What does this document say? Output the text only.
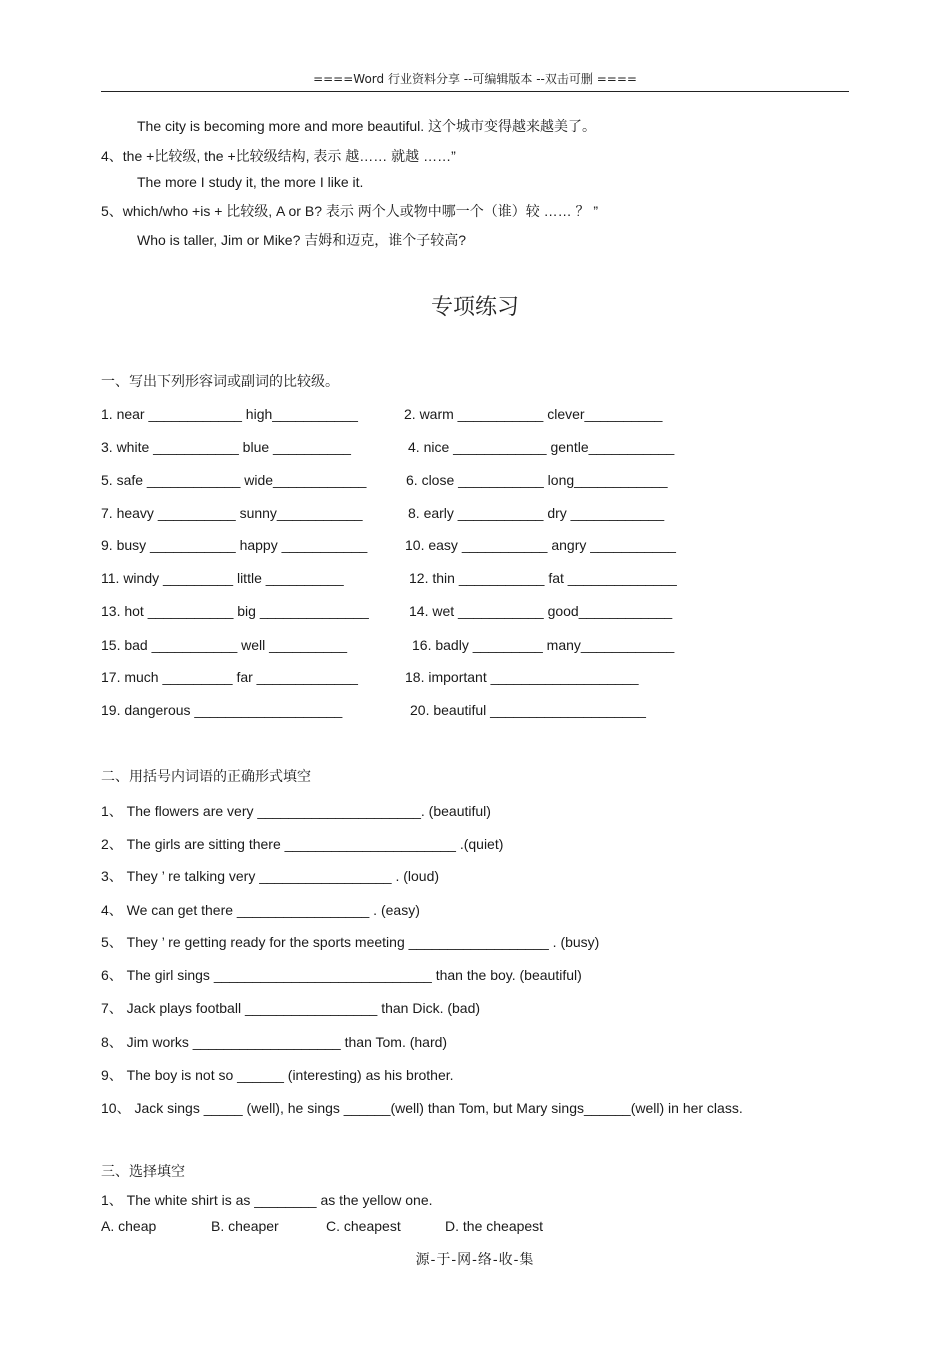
====Word 行业资料分享 --可编辑版本 --双击可删 ====
The city is becoming more and more beautiful. 这个城市变得越来越美了。
4、the +比较级, the +比较级结构, 表示 越…… 就越 ……”
The more I study it, the more I like it.
5、which/who +is + 比较级, A or B? 表示 两个人或物中哪一个（谁）较 …… ？ ”
Who is taller, Jim or Mike? 吉姆和迈克，谁个子较高?
专项练习
一、写出下列形容词或副词的比较级。
1. near ____________ high___________	2. warm ___________ clever__________
3. white ___________ blue __________	4. nice ____________ gentle___________
5. safe ____________ wide____________	6. close ___________ long____________
7. heavy __________ sunny___________	8. early ___________ dry ____________
9. busy ___________ happy ___________	10. easy ___________ angry ___________
11. windy _________ little __________	12. thin ___________ fat ______________
13. hot ___________ big ______________	14. wet ___________ good____________
15. bad ___________ well __________	16. badly _________ many____________
17. much _________ far _____________	18. important ___________________
19. dangerous ___________________	20. beautiful ____________________
二、用括号内词语的正确形式填空
1、 The flowers are very _____________________. (beautiful)
2、 The girls are sitting there ______________________ .(quiet)
3、 They ’ re talking very _________________ . (loud)
4、 We can get there _________________ . (easy)
5、 They ’ re getting ready for the sports meeting __________________ . (busy)
6、 The girl sings ____________________________ than the boy. (beautiful)
7、 Jack plays football _________________ than Dick. (bad)
8、 Jim works ___________________ than Tom. (hard)
9、 The boy is not so ______ (interesting) as his brother.
10、 Jack sings _____ (well), he sings ______(well) than Tom, but Mary sings______(well) in her class.
三、选择填空
1、 The white shirt is as ________ as the yellow one.
A. cheap	B. cheaper	C. cheapest	D. the cheapest
源-于-网-络-收-集
